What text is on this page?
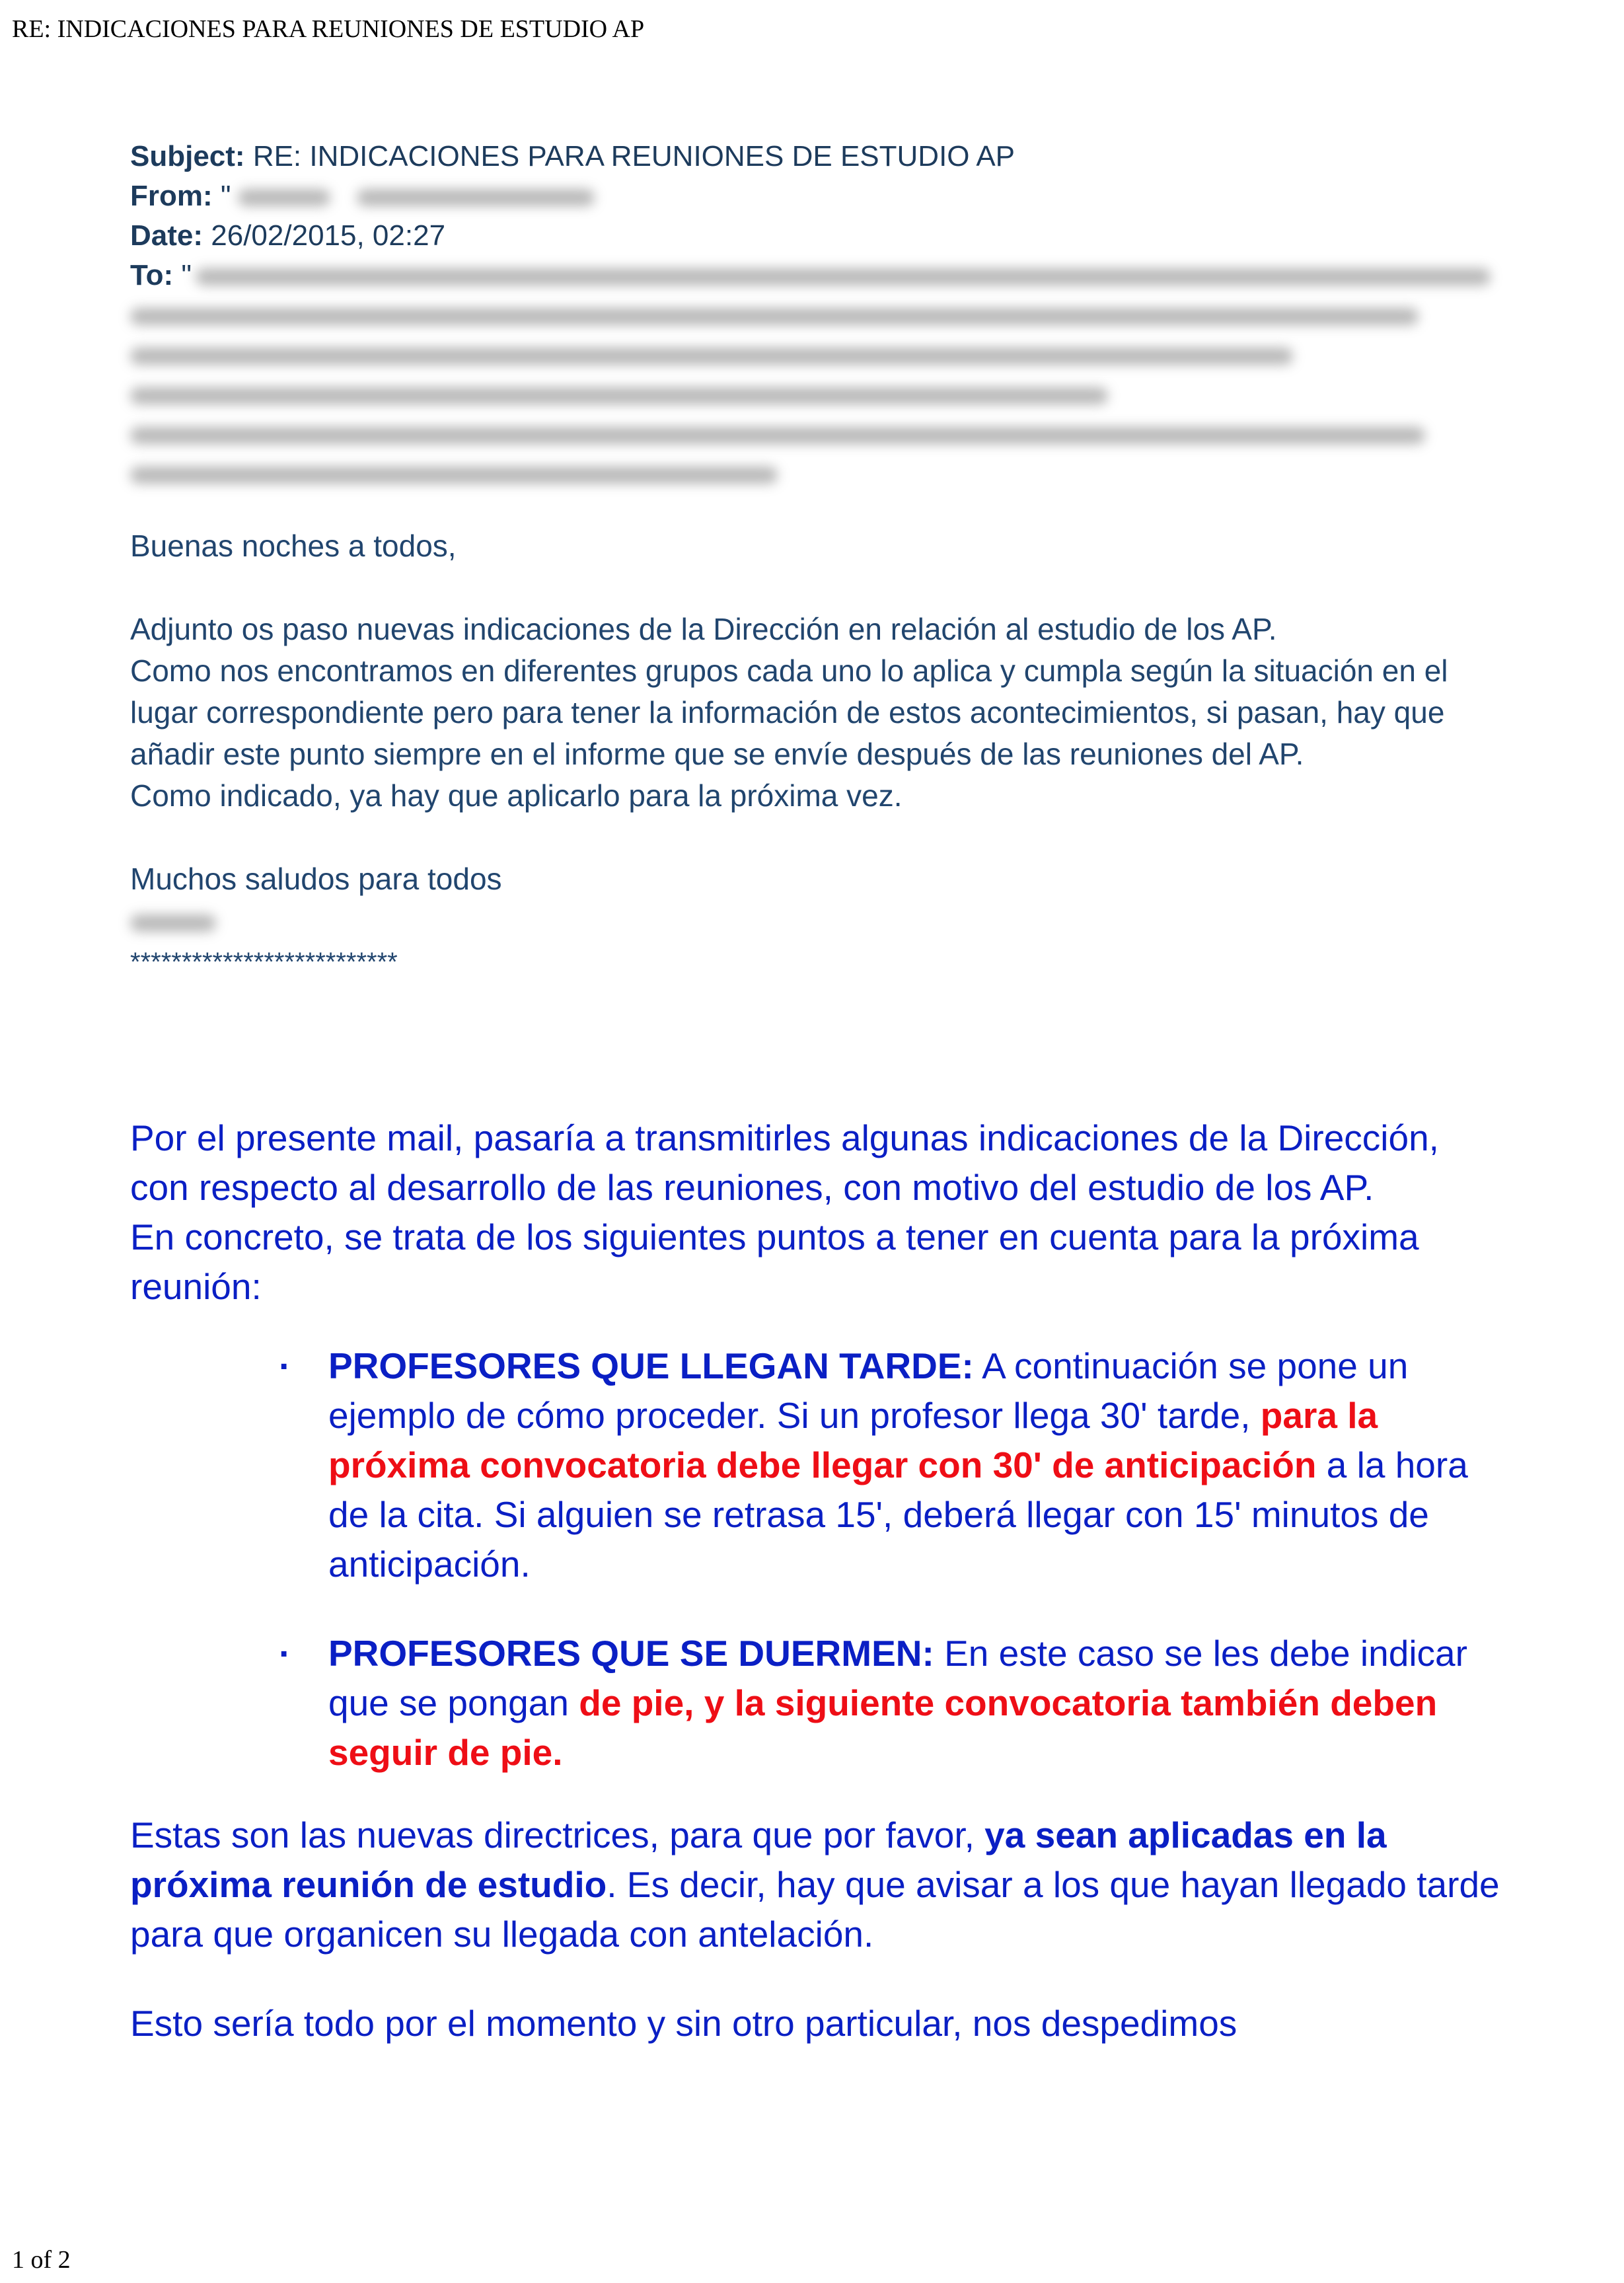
RE: INDICACIONES PARA REUNIONES DE ESTUDIO AP
Subject: RE: INDICACIONES PARA REUNIONES DE ESTUDIO AP
From: "
Date: 26/02/2015, 02:27
To: "

Buenas noches a todos,

Adjunto os paso nuevas indicaciones de la Dirección en relación al estudio de los AP.

Como nos encontramos en diferentes grupos cada uno lo aplica y cumpla según la situación en el lugar correspondiente pero para tener la información de estos acontecimientos, si pasan, hay que añadir este punto siempre en el informe que se envíe después de las reuniones del AP.

Como indicado, ya hay que aplicarlo para la próxima vez.

Muchos saludos para todos

**************************

Por el presente mail, pasaría a transmitirles algunas indicaciones de la Dirección,

con respecto al desarrollo de las reuniones, con motivo del estudio de los AP.

En concreto, se trata de los siguientes puntos a tener en cuenta para la próxima reunión:

· PROFESORES QUE LLEGAN TARDE: A continuación se pone un ejemplo de cómo proceder. Si un profesor llega 30' tarde, para la próxima convocatoria debe llegar con 30' de anticipación a la hora de la cita. Si alguien se retrasa 15', deberá llegar con 15' minutos de anticipación.

· PROFESORES QUE SE DUERMEN: En este caso se les debe indicar que se pongan de pie, y la siguiente convocatoria también deben seguir de pie.

Estas son las nuevas directrices, para que por favor, ya sean aplicadas en la próxima reunión de estudio. Es decir, hay que avisar a los que hayan llegado tarde para que organicen su llegada con antelación.

Esto sería todo por el momento y sin otro particular, nos despedimos

1 of 2
